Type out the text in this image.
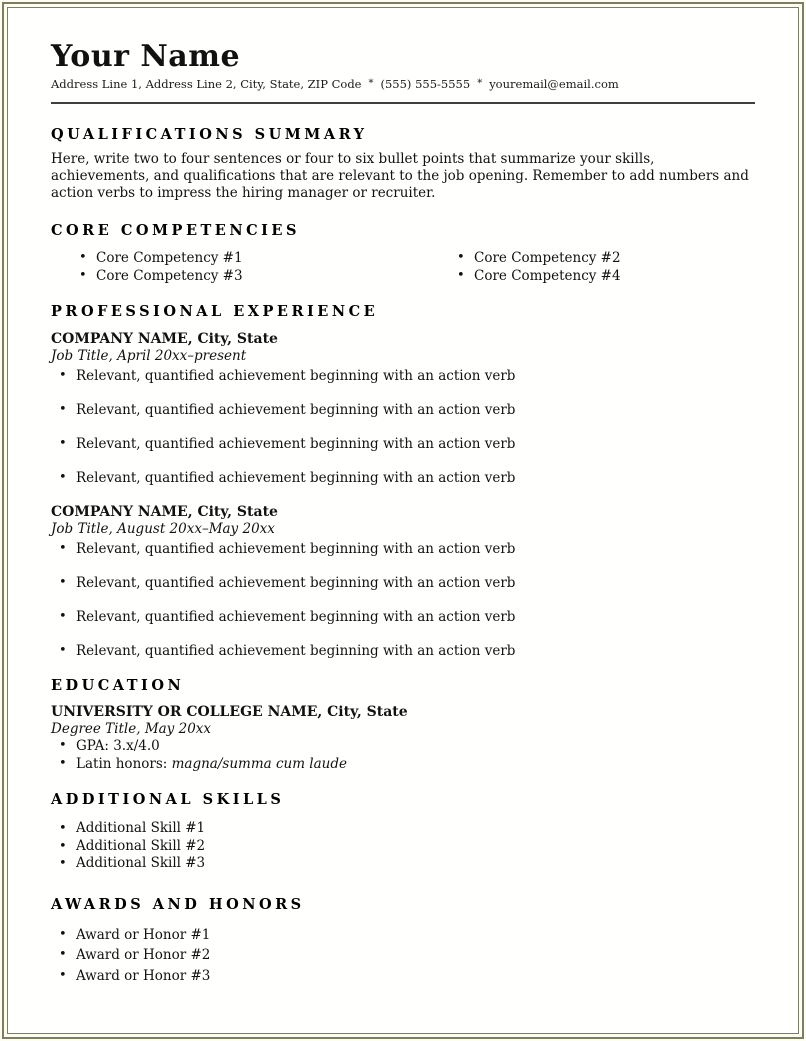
Your Name
Address Line 1, Address Line 2, City, State, ZIP Code * (555) 555-5555 * youremail@email.com
QUALIFICATIONS SUMMARY

Here, write two to four sentences or four to six bullet points that summarize your skills, achievements, and qualifications that are relevant to the job opening. Remember to add numbers and action verbs to impress the hiring manager or recruiter.

CORE COMPETENCIES
• Core Competency #1
• Core Competency #3
• Core Competency #2
• Core Competency #4
PROFESSIONAL EXPERIENCE
COMPANY NAME, City, State
Job Title, April 20xx–present
• Relevant, quantified achievement beginning with an action verb
• Relevant, quantified achievement beginning with an action verb
• Relevant, quantified achievement beginning with an action verb
• Relevant, quantified achievement beginning with an action verb
COMPANY NAME, City, State
Job Title, August 20xx–May 20xx
• Relevant, quantified achievement beginning with an action verb
• Relevant, quantified achievement beginning with an action verb
• Relevant, quantified achievement beginning with an action verb
• Relevant, quantified achievement beginning with an action verb
EDUCATION
UNIVERSITY OR COLLEGE NAME, City, State
Degree Title, May 20xx
• GPA: 3.x/4.0
• Latin honors: magna/summa cum laude
ADDITIONAL SKILLS
• Additional Skill #1
• Additional Skill #2
• Additional Skill #3
AWARDS AND HONORS
• Award or Honor #1
• Award or Honor #2
• Award or Honor #3
